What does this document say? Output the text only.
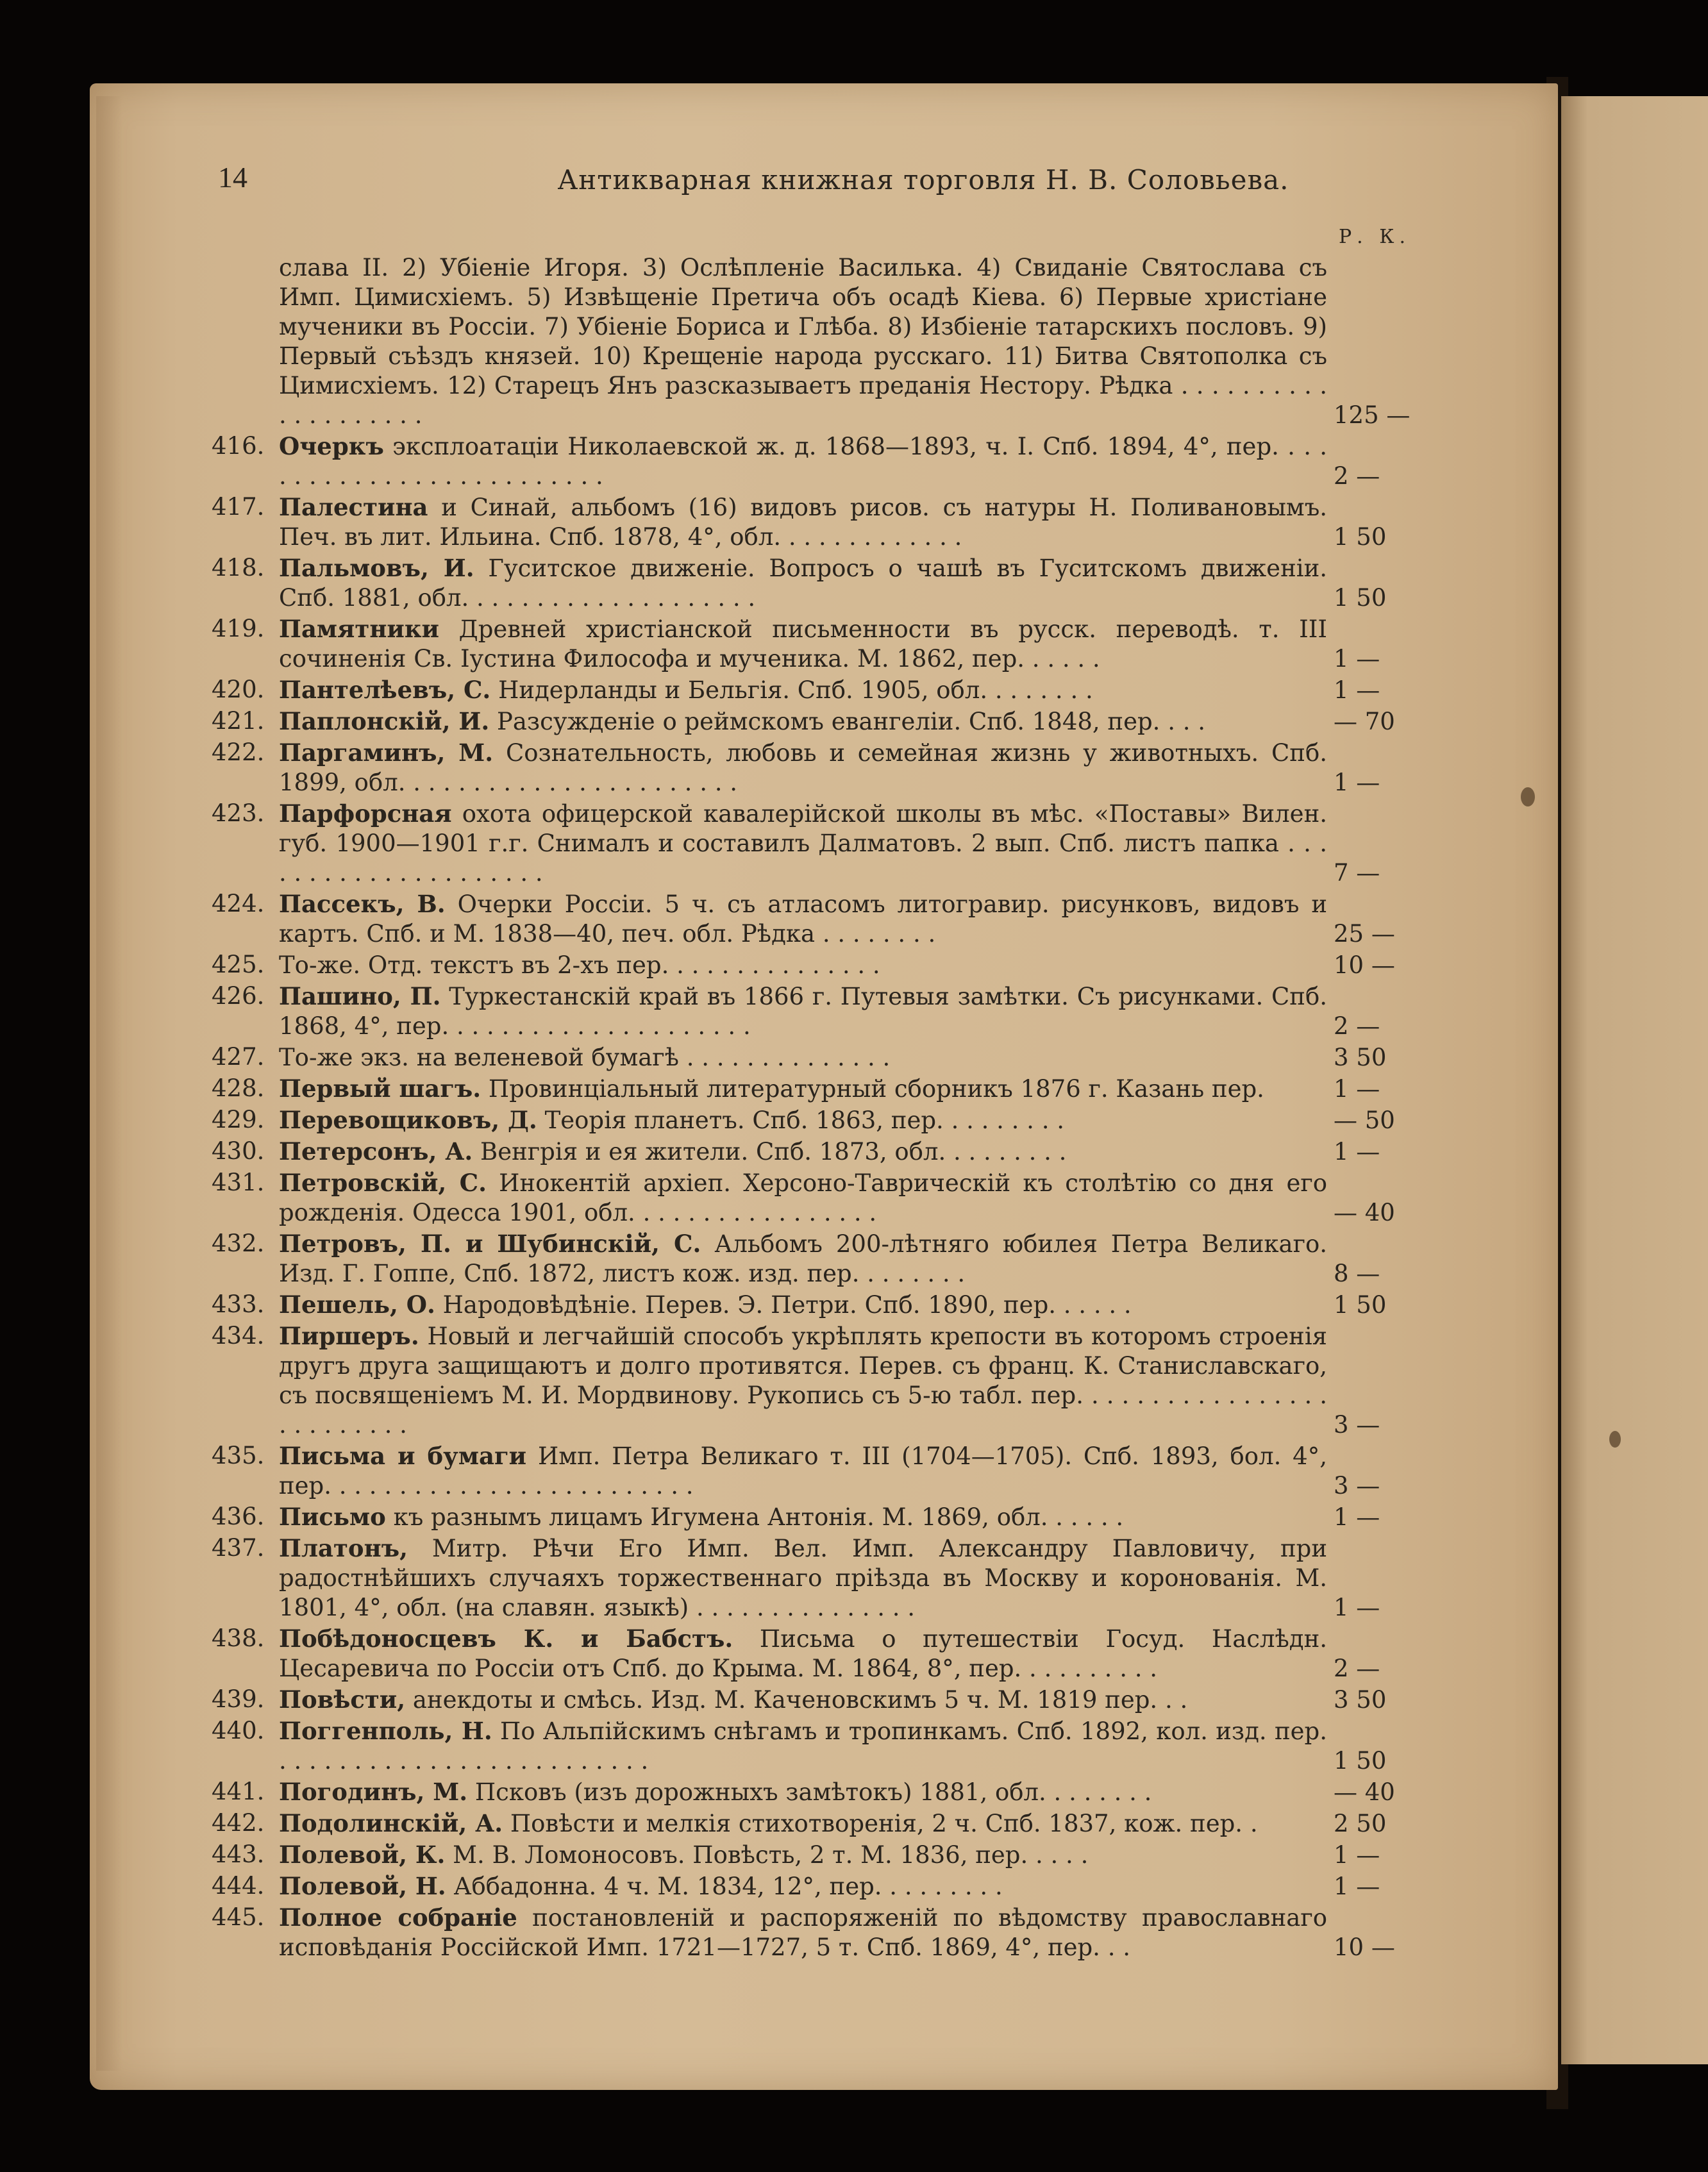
14	Антикварная книжная торговля Н. В. Соловьева.
Р. К.
слава II. 2) Убіеніе Игоря. 3) Ослѣпленіе Василька. 4) Свиданіе Святослава съ Имп. Цимисхіемъ. 5) Извѣщеніе Претича объ осадѣ Кіева. 6) Первые христіане мученики въ Россіи. 7) Убіеніе Бориса и Глѣба. 8) Избіеніе татарскихъ пословъ. 9) Первый съѣздъ князей. 10) Крещеніе народа русскаго. 11) Битва Святополка съ Цимисхіемъ. 12) Старецъ Янъ разсказываетъ преданія Нестору. Рѣдка . . . . . . . . . . . . . . . . . . . .	125 —
416. Очеркъ эксплоатаціи Николаевской ж. д. 1868—1893, ч. I. Спб. 1894, 4°, пер. . . . . . . . . . . . . . . . . . . . . . . . . .	2 —
417. Палестина и Синай, альбомъ (16) видовъ рисов. съ натуры Н. Поливановымъ. Печ. въ лит. Ильина. Спб. 1878, 4°, обл. . . . . . . . . . . . .	1 50
418. Пальмовъ, И. Гуситское движеніе. Вопросъ о чашѣ въ Гуситскомъ движеніи. Спб. 1881, обл. . . . . . . . . . . . . . . . . . . .	1 50
419. Памятники Древней христіанской письменности въ русск. переводѣ. т. III сочиненія Св. Іустина Философа и мученика. М. 1862, пер. . . . . .	1 —
420. Пантелѣевъ, С. Нидерланды и Бельгія. Спб. 1905, обл. . . . . . . .	1 —
421. Паплонскій, И. Разсужденіе о реймскомъ евангеліи. Спб. 1848, пер. . . .	— 70
422. Паргаминъ, М. Сознательность, любовь и семейная жизнь у животныхъ. Спб. 1899, обл. . . . . . . . . . . . . . . . . . . . . . .	1 —
423. Парфорсная охота офицерской кавалерійской школы въ мѣс. «Поставы» Вилен. губ. 1900—1901 г.г. Снималъ и составилъ Далматовъ. 2 вып. Спб. листъ папка . . . . . . . . . . . . . . . . . . . . .	7 —
424. Пассекъ, В. Очерки Россіи. 5 ч. съ атласомъ литогравир. рисунковъ, видовъ и картъ. Спб. и М. 1838—40, печ. обл. Рѣдка . . . . . . . .	25 —
425. То-же. Отд. текстъ въ 2-хъ пер. . . . . . . . . . . . . . .	10 —
426. Пашино, П. Туркестанскій край въ 1866 г. Путевыя замѣтки. Съ рисунками. Спб. 1868, 4°, пер. . . . . . . . . . . . . . . . . . . . .	2 —
427. То-же экз. на веленевой бумагѣ . . . . . . . . . . . . . .	3 50
428. Первый шагъ. Провинціальный литературный сборникъ 1876 г. Казань пер.	1 —
429. Перевощиковъ, Д. Теорія планетъ. Спб. 1863, пер. . . . . . . . .	— 50
430. Петерсонъ, А. Венгрія и ея жители. Спб. 1873, обл. . . . . . . . .	1 —
431. Петровскій, С. Инокентій архіеп. Херсоно-Таврическій къ столѣтію со дня его рожденія. Одесса 1901, обл. . . . . . . . . . . . . . . . .	— 40
432. Петровъ, П. и Шубинскій, С. Альбомъ 200-лѣтняго юбилея Петра Великаго. Изд. Г. Гоппе, Спб. 1872, листъ кож. изд. пер. . . . . . . .	8 —
433. Пешель, О. Народовѣдѣніе. Перев. Э. Петри. Спб. 1890, пер. . . . . .	1 50
434. Пиршеръ. Новый и легчайшій способъ укрѣплять крепости въ которомъ строенія другъ друга защищаютъ и долго противятся. Перев. съ франц. К. Станиславскаго, съ посвященіемъ М. И. Мордвинову. Рукопись съ 5-ю табл. пер. . . . . . . . . . . . . . . . . . . . . . . . . .	3 —
435. Письма и бумаги Имп. Петра Великаго т. III (1704—1705). Спб. 1893, бол. 4°, пер. . . . . . . . . . . . . . . . . . . . . . . . .	3 —
436. Письмо къ разнымъ лицамъ Игумена Антонія. М. 1869, обл. . . . . .	1 —
437. Платонъ, Митр. Рѣчи Его Имп. Вел. Имп. Александру Павловичу, при радостнѣйшихъ случаяхъ торжественнаго пріѣзда въ Москву и коронованія. М. 1801, 4°, обл. (на славян. языкѣ) . . . . . . . . . . . . . . .	1 —
438. Побѣдоносцевъ К. и Бабстъ. Письма о путешествіи Госуд. Наслѣдн. Цесаревича по Россіи отъ Спб. до Крыма. М. 1864, 8°, пер. . . . . . . . . .	2 —
439. Повѣсти, анекдоты и смѣсь. Изд. М. Каченовскимъ 5 ч. М. 1819 пер. . .	3 50
440. Поггенполь, Н. По Альпійскимъ снѣгамъ и тропинкамъ. Спб. 1892, кол. изд. пер. . . . . . . . . . . . . . . . . . . . . . . . . .	1 50
441. Погодинъ, М. Псковъ (изъ дорожныхъ замѣтокъ) 1881, обл. . . . . . . .	— 40
442. Подолинскій, А. Повѣсти и мелкія стихотворенія, 2 ч. Спб. 1837, кож. пер. .	2 50
443. Полевой, К. М. В. Ломоносовъ. Повѣсть, 2 т. М. 1836, пер. . . . .	1 —
444. Полевой, Н. Аббадонна. 4 ч. М. 1834, 12°, пер. . . . . . . . .	1 —
445. Полное собраніе постановленій и распоряженій по вѣдомству православнаго исповѣданія Россійской Имп. 1721—1727, 5 т. Спб. 1869, 4°, пер. . .	10 —
